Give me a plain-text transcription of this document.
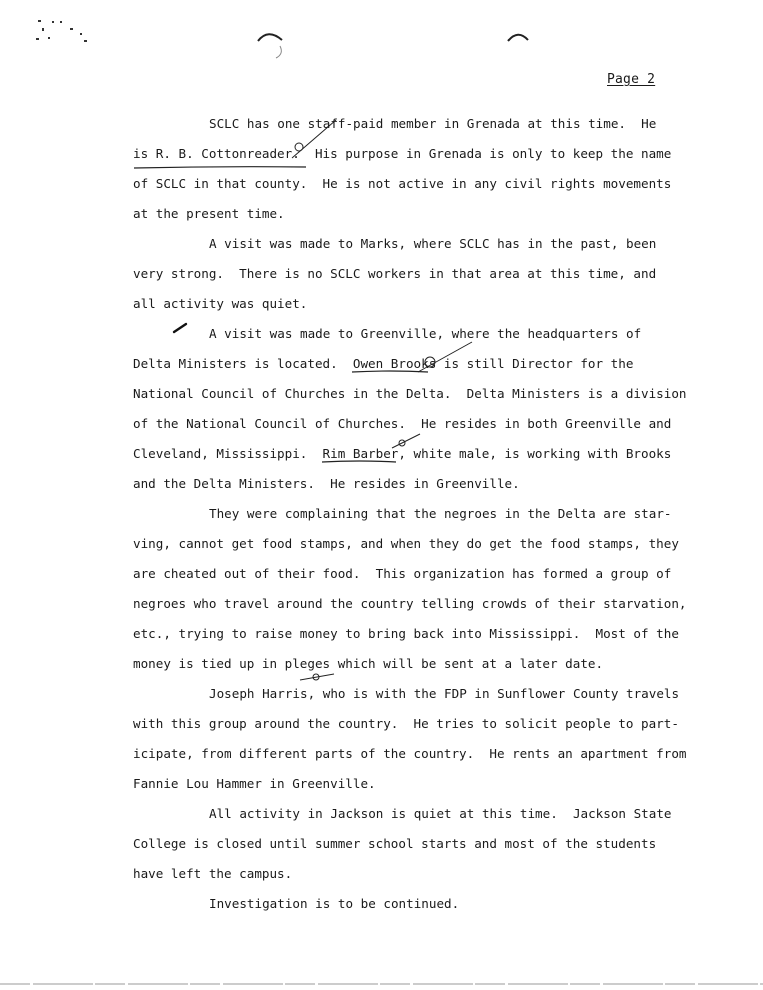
Page 2
SCLC has one staff-paid member in Grenada at this time.  He
is R. B. Cottonreader.  His purpose in Grenada is only to keep the name
of SCLC in that county.  He is not active in any civil rights movements
at the present time.
A visit was made to Marks, where SCLC has in the past, been
very strong.  There is no SCLC workers in that area at this time, and
all activity was quiet.
A visit was made to Greenville, where the headquarters of
Delta Ministers is located.  Owen Brooks is still Director for the
National Council of Churches in the Delta.  Delta Ministers is a division
of the National Council of Churches.  He resides in both Greenville and
Cleveland, Mississippi.  Rim Barber, white male, is working with Brooks
and the Delta Ministers.  He resides in Greenville.
They were complaining that the negroes in the Delta are star-
ving, cannot get food stamps, and when they do get the food stamps, they
are cheated out of their food.  This organization has formed a group of
negroes who travel around the country telling crowds of their starvation,
etc., trying to raise money to bring back into Mississippi.  Most of the
money is tied up in pleges which will be sent at a later date.
Joseph Harris, who is with the FDP in Sunflower County travels
with this group around the country.  He tries to solicit people to part-
icipate, from different parts of the country.  He rents an apartment from
Fannie Lou Hammer in Greenville.
All activity in Jackson is quiet at this time.  Jackson State
College is closed until summer school starts and most of the students
have left the campus.
Investigation is to be continued.
